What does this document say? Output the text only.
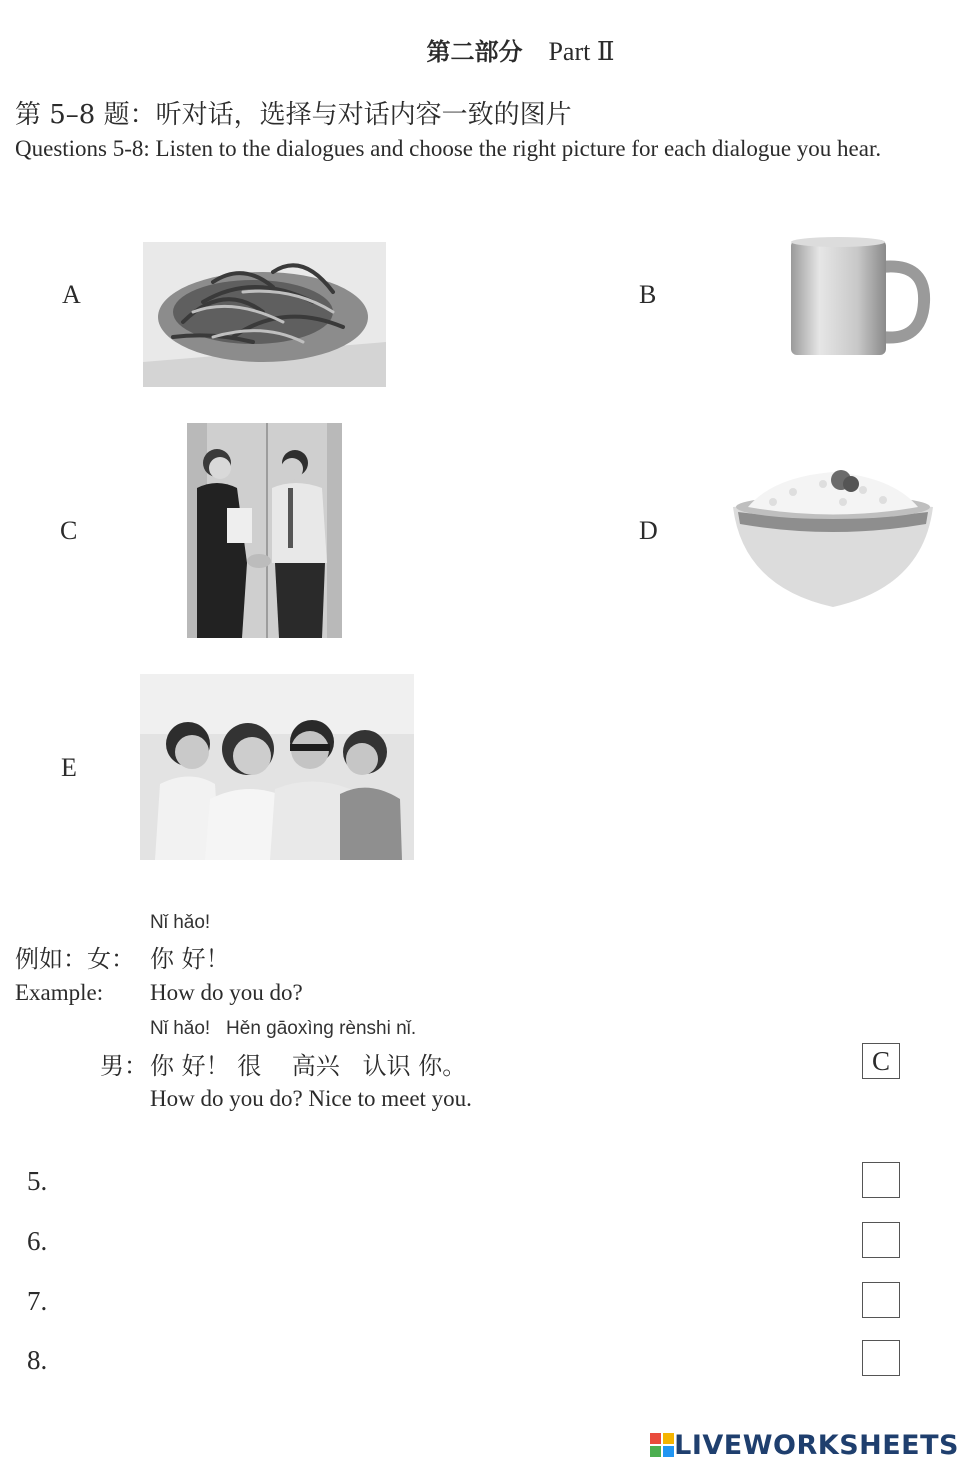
第二部分 Part Ⅱ
第 5–8 题：听对话，选择与对话内容一致的图片
Questions 5-8: Listen to the dialogues and choose the right picture for each dialogue you hear.
A	B
C	D
E
Nǐ hǎo!
例如：女： 你 好！
Example: How do you do?
Nǐ hǎo!   Hěn gāoxìng rènshi nǐ.
男： 你 好！ 很    高兴   认识 你。
How do you do? Nice to meet you.
C
5.
6.
7.
8.
LIVEWORKSHEETS
